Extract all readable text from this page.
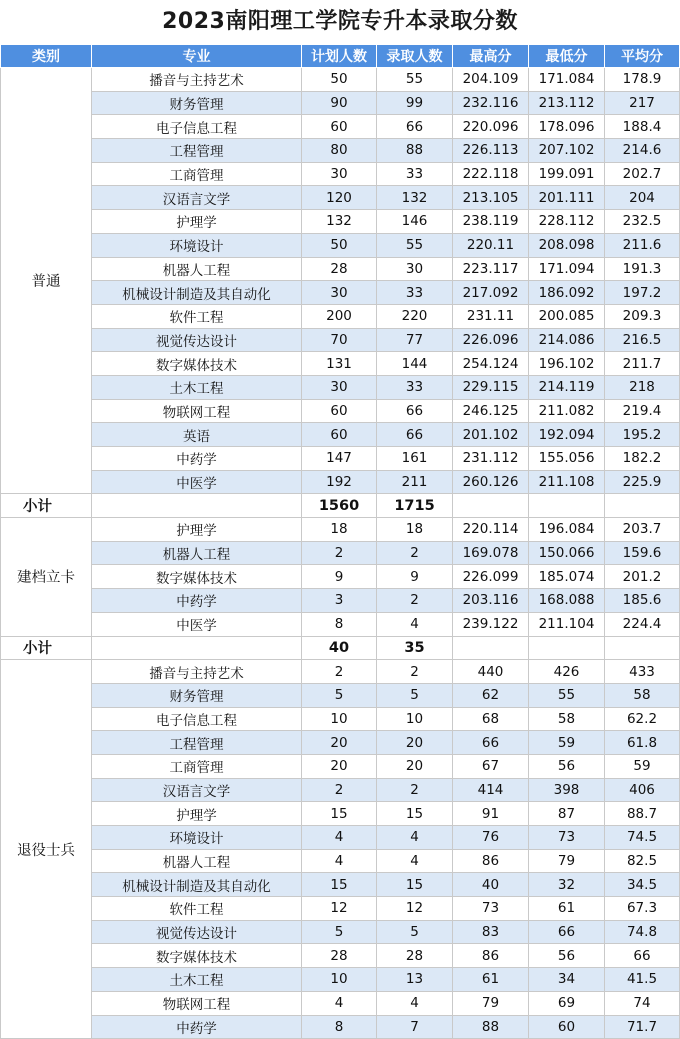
2023南阳理工学院专升本录取分数
类别	专业	计划人数	录取人数	最高分	最低分	平均分
普通	播音与主持艺术	50	55	204.109	171.084	178.9
	财务管理	90	99	232.116	213.112	217
	电子信息工程	60	66	220.096	178.096	188.4
	工程管理	80	88	226.113	207.102	214.6
	工商管理	30	33	222.118	199.091	202.7
	汉语言文学	120	132	213.105	201.111	204
	护理学	132	146	238.119	228.112	232.5
	环境设计	50	55	220.11	208.098	211.6
	机器人工程	28	30	223.117	171.094	191.3
	机械设计制造及其自动化	30	33	217.092	186.092	197.2
	软件工程	200	220	231.11	200.085	209.3
	视觉传达设计	70	77	226.096	214.086	216.5
	数字媒体技术	131	144	254.124	196.102	211.7
	土木工程	30	33	229.115	214.119	218
	物联网工程	60	66	246.125	211.082	219.4
	英语	60	66	201.102	192.094	195.2
	中药学	147	161	231.112	155.056	182.2
	中医学	192	211	260.126	211.108	225.9
小计		1560	1715			
建档立卡	护理学	18	18	220.114	196.084	203.7
	机器人工程	2	2	169.078	150.066	159.6
	数字媒体技术	9	9	226.099	185.074	201.2
	中药学	3	2	203.116	168.088	185.6
	中医学	8	4	239.122	211.104	224.4
小计		40	35			
退役士兵	播音与主持艺术	2	2	440	426	433
	财务管理	5	5	62	55	58
	电子信息工程	10	10	68	58	62.2
	工程管理	20	20	66	59	61.8
	工商管理	20	20	67	56	59
	汉语言文学	2	2	414	398	406
	护理学	15	15	91	87	88.7
	环境设计	4	4	76	73	74.5
	机器人工程	4	4	86	79	82.5
	机械设计制造及其自动化	15	15	40	32	34.5
	软件工程	12	12	73	61	67.3
	视觉传达设计	5	5	83	66	74.8
	数字媒体技术	28	28	86	56	66
	土木工程	10	13	61	34	41.5
	物联网工程	4	4	79	69	74
	中药学	8	7	88	60	71.7
